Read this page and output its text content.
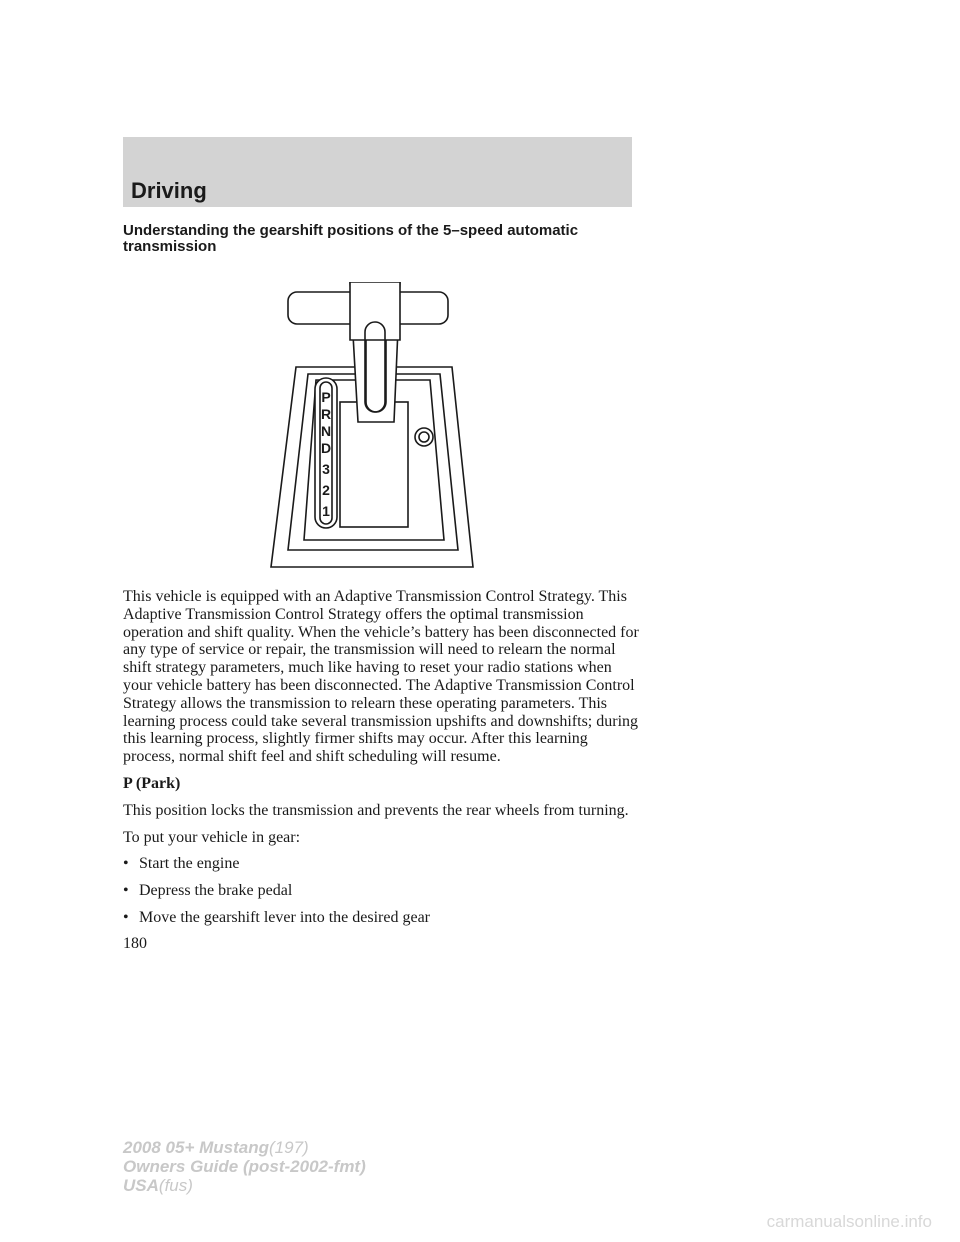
Driving
Understanding the gearshift positions of the 5–speed automatic transmission
P
R
N
D
3
2
1

This vehicle is equipped with an Adaptive Transmission Control Strategy. This Adaptive Transmission Control Strategy offers the optimal transmission operation and shift quality. When the vehicle’s battery has been disconnected for any type of service or repair, the transmission will need to relearn the normal shift strategy parameters, much like having to reset your radio stations when your vehicle battery has been disconnected. The Adaptive Transmission Control Strategy allows the transmission to relearn these operating parameters. This learning process could take several transmission upshifts and downshifts; during this learning process, slightly firmer shifts may occur. After this learning process, normal shift feel and shift scheduling will resume.

P (Park)

This position locks the transmission and prevents the rear wheels from turning.

To put your vehicle in gear:

• Start the engine
• Depress the brake pedal
• Move the gearshift lever into the desired gear
180
2008 05+ Mustang(197)
Owners Guide (post-2002-fmt)
USA(fus)
carmanualsonline.info
